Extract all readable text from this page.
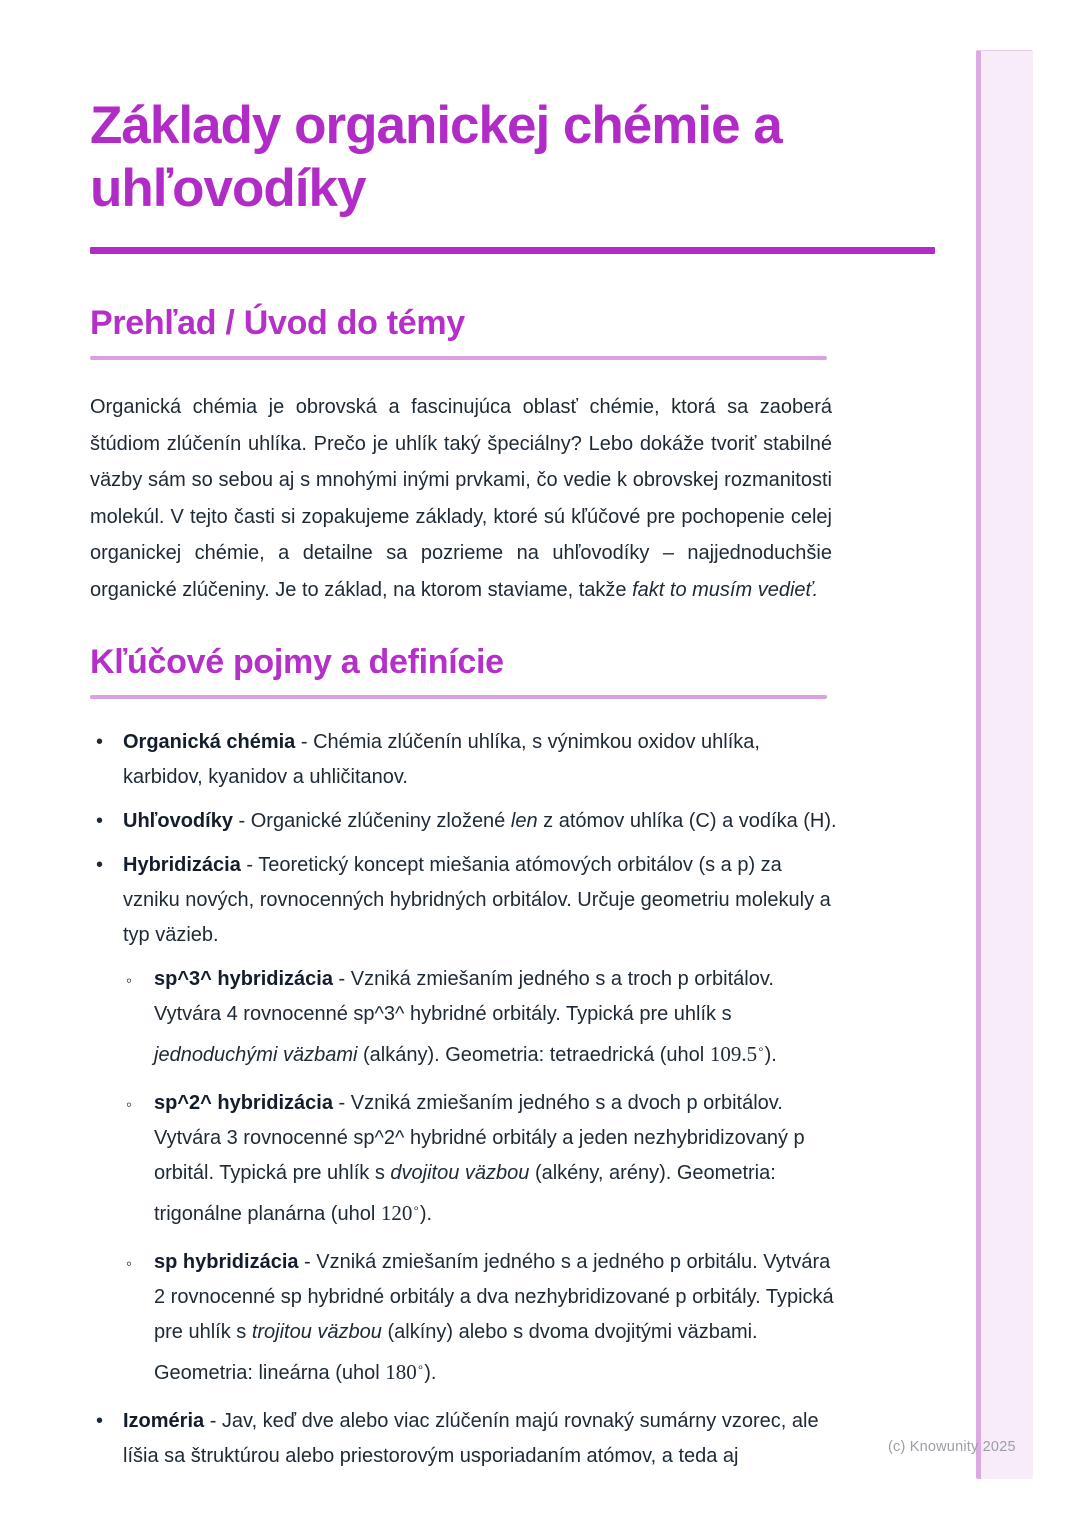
Základy organickej chémie a uhľovodíky
Prehľad / Úvod do témy

Organická chémia je obrovská a fascinujúca oblasť chémie, ktorá sa zaoberá štúdiom zlúčenín uhlíka. Prečo je uhlík taký špeciálny? Lebo dokáže tvoriť stabilné väzby sám so sebou aj s mnohými inými prvkami, čo vedie k obrovskej rozmanitosti molekúl. V tejto časti si zopakujeme základy, ktoré sú kľúčové pre pochopenie celej organickej chémie, a detailne sa pozrieme na uhľovodíky – najjednoduchšie organické zlúčeniny. Je to základ, na ktorom staviame, takže fakt to musím vedieť.

Kľúčové pojmy a definície
• Organická chémia - Chémia zlúčenín uhlíka, s výnimkou oxidov uhlíka, karbidov, kyanidov a uhličitanov.
• Uhľovodíky - Organické zlúčeniny zložené len z atómov uhlíka (C) a vodíka (H).
• Hybridizácia - Teoretický koncept miešania atómových orbitálov (s a p) za vzniku nových, rovnocenných hybridných orbitálov. Určuje geometriu molekuly a typ väzieb.
◦ sp^3^ hybridizácia - Vzniká zmiešaním jedného s a troch p orbitálov. Vytvára 4 rovnocenné sp^3^ hybridné orbitály. Typická pre uhlík s jednoduchými väzbami (alkány). Geometria: tetraedrická (uhol 109.5∘).
◦ sp^2^ hybridizácia - Vzniká zmiešaním jedného s a dvoch p orbitálov. Vytvára 3 rovnocenné sp^2^ hybridné orbitály a jeden nezhybridizovaný p orbitál. Typická pre uhlík s dvojitou väzbou (alkény, arény). Geometria: trigonálne planárna (uhol 120∘).
◦ sp hybridizácia - Vzniká zmiešaním jedného s a jedného p orbitálu. Vytvára 2 rovnocenné sp hybridné orbitály a dva nezhybridizované p orbitály. Typická pre uhlík s trojitou väzbou (alkíny) alebo s dvoma dvojitými väzbami. Geometria: lineárna (uhol 180∘).
• Izoméria - Jav, keď dve alebo viac zlúčenín majú rovnaký sumárny vzorec, ale líšia sa štruktúrou alebo priestorovým usporiadaním atómov, a teda aj	(c) Knowunity 2025
